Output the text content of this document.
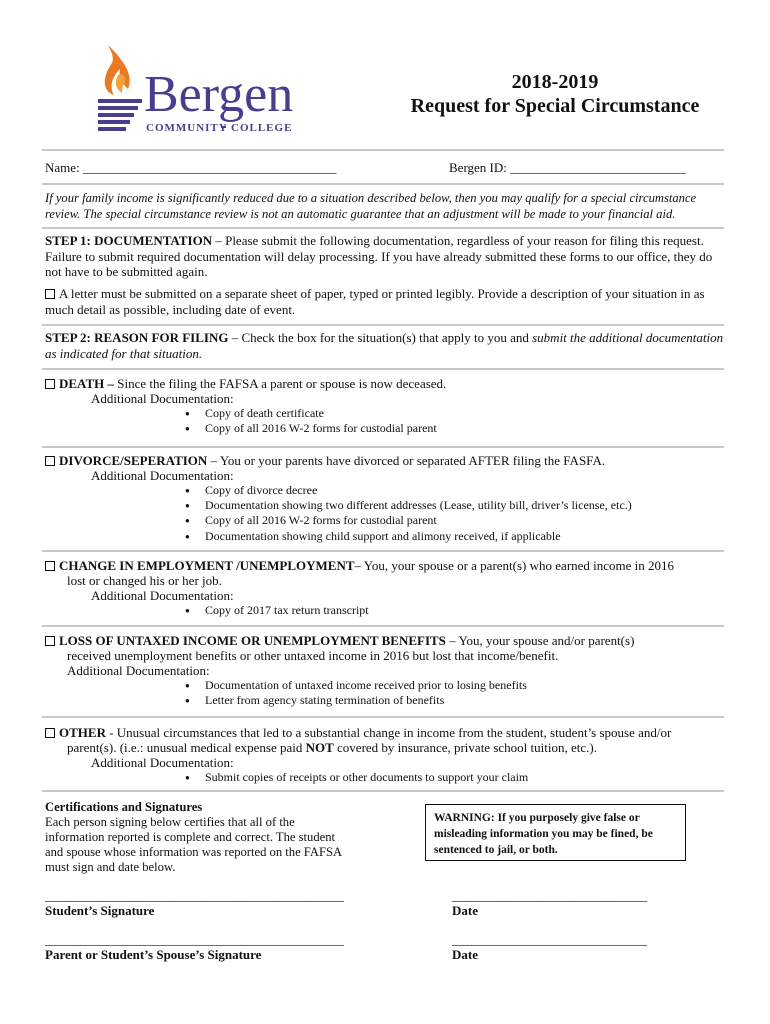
Bergen
COMMUNITY COLLEGE
2018-2019
Request for Special Circumstance
Name: _______________________________________	Bergen ID: ___________________________
If your family income is significantly reduced due to a situation described below, then you may qualify for a special circumstance review. The special circumstance review is not an automatic guarantee that an adjustment will be made to your financial aid.
STEP 1: DOCUMENTATION – Please submit the following documentation, regardless of your reason for filing this request. Failure to submit required documentation will delay processing. If you have already submitted these forms to our office, they do not have to be submitted again.
A letter must be submitted on a separate sheet of paper, typed or printed legibly. Provide a description of your situation in as much detail as possible, including date of event.
STEP 2: REASON FOR FILING – Check the box for the situation(s) that apply to you and submit the additional documentation as indicated for that situation.
DEATH – Since the filing the FAFSA a parent or spouse is now deceased.
Additional Documentation:
● Copy of death certificate
● Copy of all 2016 W-2 forms for custodial parent
DIVORCE/SEPERATION – You or your parents have divorced or separated AFTER filing the FASFA.
Additional Documentation:
● Copy of divorce decree
● Documentation showing two different addresses (Lease, utility bill, driver’s license, etc.)
● Copy of all 2016 W-2 forms for custodial parent
● Documentation showing child support and alimony received, if applicable
CHANGE IN EMPLOYMENT /UNEMPLOYMENT– You, your spouse or a parent(s) who earned income in 2016
lost or changed his or her job.
Additional Documentation:
● Copy of 2017 tax return transcript
LOSS OF UNTAXED INCOME OR UNEMPLOYMENT BENEFITS – You, your spouse and/or parent(s)
received unemployment benefits or other untaxed income in 2016 but lost that income/benefit.
Additional Documentation:
● Documentation of untaxed income received prior to losing benefits
● Letter from agency stating termination of benefits
OTHER - Unusual circumstances that led to a substantial change in income from the student, student’s spouse and/or
parent(s). (i.e.: unusual medical expense paid NOT covered by insurance, private school tuition, etc.).
Additional Documentation:
● Submit copies of receipts or other documents to support your claim
Certifications and Signatures
Each person signing below certifies that all of the information reported is complete and correct. The student and spouse whose information was reported on the FAFSA must sign and date below.
WARNING: If you purposely give false or misleading information you may be fined, be sentenced to jail, or both.
______________________________________________
Student’s Signature
______________________________
Date
______________________________________________
Parent or Student’s Spouse’s Signature
______________________________
Date
